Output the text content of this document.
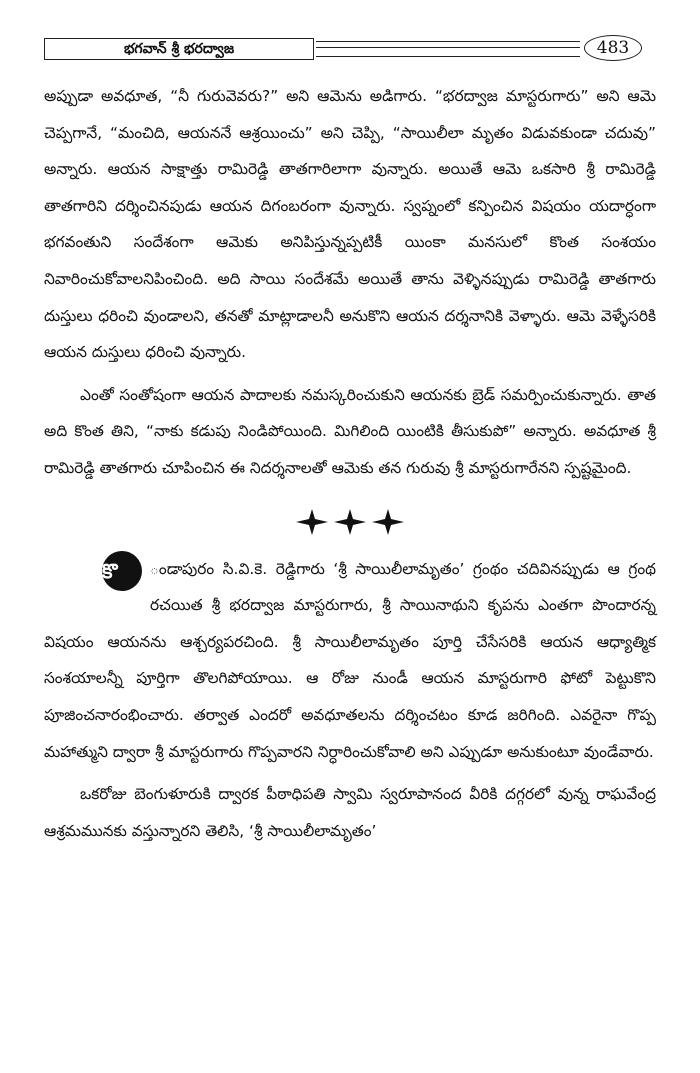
భగవాన్ శ్రీ భరద్వాజ	483

అప్పుడా అవధూత, “నీ గురువెవరు?” అని ఆమెను అడిగారు. “భరద్వాజ మాస్టరుగారు” అని ఆమె చెప్పగానే, “మంచిది, ఆయననే ఆశ్రయించు” అని చెప్పి, “సాయిలీలా మృతం విడువకుండా చదువు” అన్నారు. ఆయన సాక్షాత్తు రామిరెడ్డి తాతగారిలాగా వున్నారు. అయితే ఆమె ఒకసారి శ్రీ రామిరెడ్డి తాతగారిని దర్శించినపుడు ఆయన దిగంబరంగా వున్నారు. స్వప్నంలో కన్పించిన విషయం యదార్ధంగా భగవంతుని సందేశంగా ఆమెకు అనిపిస్తున్నప్పటికీ యింకా మనసులో కొంత సంశయం నివారించుకోవాలనిపించింది. అది సాయి సందేశమే అయితే తాను వెళ్ళినప్పుడు రామిరెడ్డి తాతగారు దుస్తులు ధరించి వుండాలని, తనతో మాట్లాడాలనీ అనుకొని ఆయన దర్శనానికి వెళ్ళారు. ఆమె వెళ్ళేసరికి ఆయన దుస్తులు ధరించి వున్నారు.

ఎంతో సంతోషంగా ఆయన పాదాలకు నమస్కరించుకుని ఆయనకు బ్రెడ్ సమర్పించుకున్నారు. తాత అది కొంత తిని, “నాకు కడుపు నిండిపోయింది. మిగిలింది యింటికి తీసుకుపో” అన్నారు. అవధూత శ్రీ రామిరెడ్డి తాతగారు చూపించిన ఈ నిదర్శనాలతో ఆమెకు తన గురువు శ్రీ మాస్టరుగారేనని స్పష్టమైంది.

కొ	ండాపురం సి.వి.కె. రెడ్డిగారు ‘శ్రీ సాయిలీలామృతం’ గ్రంథం చదివినప్పుడు ఆ గ్రంథ రచయిత శ్రీ భరద్వాజ మాస్టరుగారు, శ్రీ సాయినాథుని కృపను ఎంతగా పొందారన్న విషయం ఆయనను ఆశ్చర్యపరచింది. శ్రీ సాయిలీలామృతం పూర్తి చేసేసరికి ఆయన ఆధ్యాత్మిక సంశయాలన్నీ పూర్తిగా తొలగిపోయాయి. ఆ రోజు నుండీ ఆయన మాస్టరుగారి ఫోటో పెట్టుకొని పూజించనారంభించారు. తర్వాత ఎందరో అవధూతలను దర్శించటం కూడ జరిగింది. ఎవరైనా గొప్ప మహాత్ముని ద్వారా శ్రీ మాస్టరుగారు గొప్పవారని నిర్ధారించుకోవాలి అని ఎప్పుడూ అనుకుంటూ వుండేవారు.

ఒకరోజు బెంగుళూరుకి ద్వారక పీఠాధిపతి స్వామి స్వరూపానంద వీరికి దగ్గరలో వున్న రాఘవేంద్ర ఆశ్రమమునకు వస్తున్నారని తెలిసి, ‘శ్రీ సాయిలీలామృతం’
